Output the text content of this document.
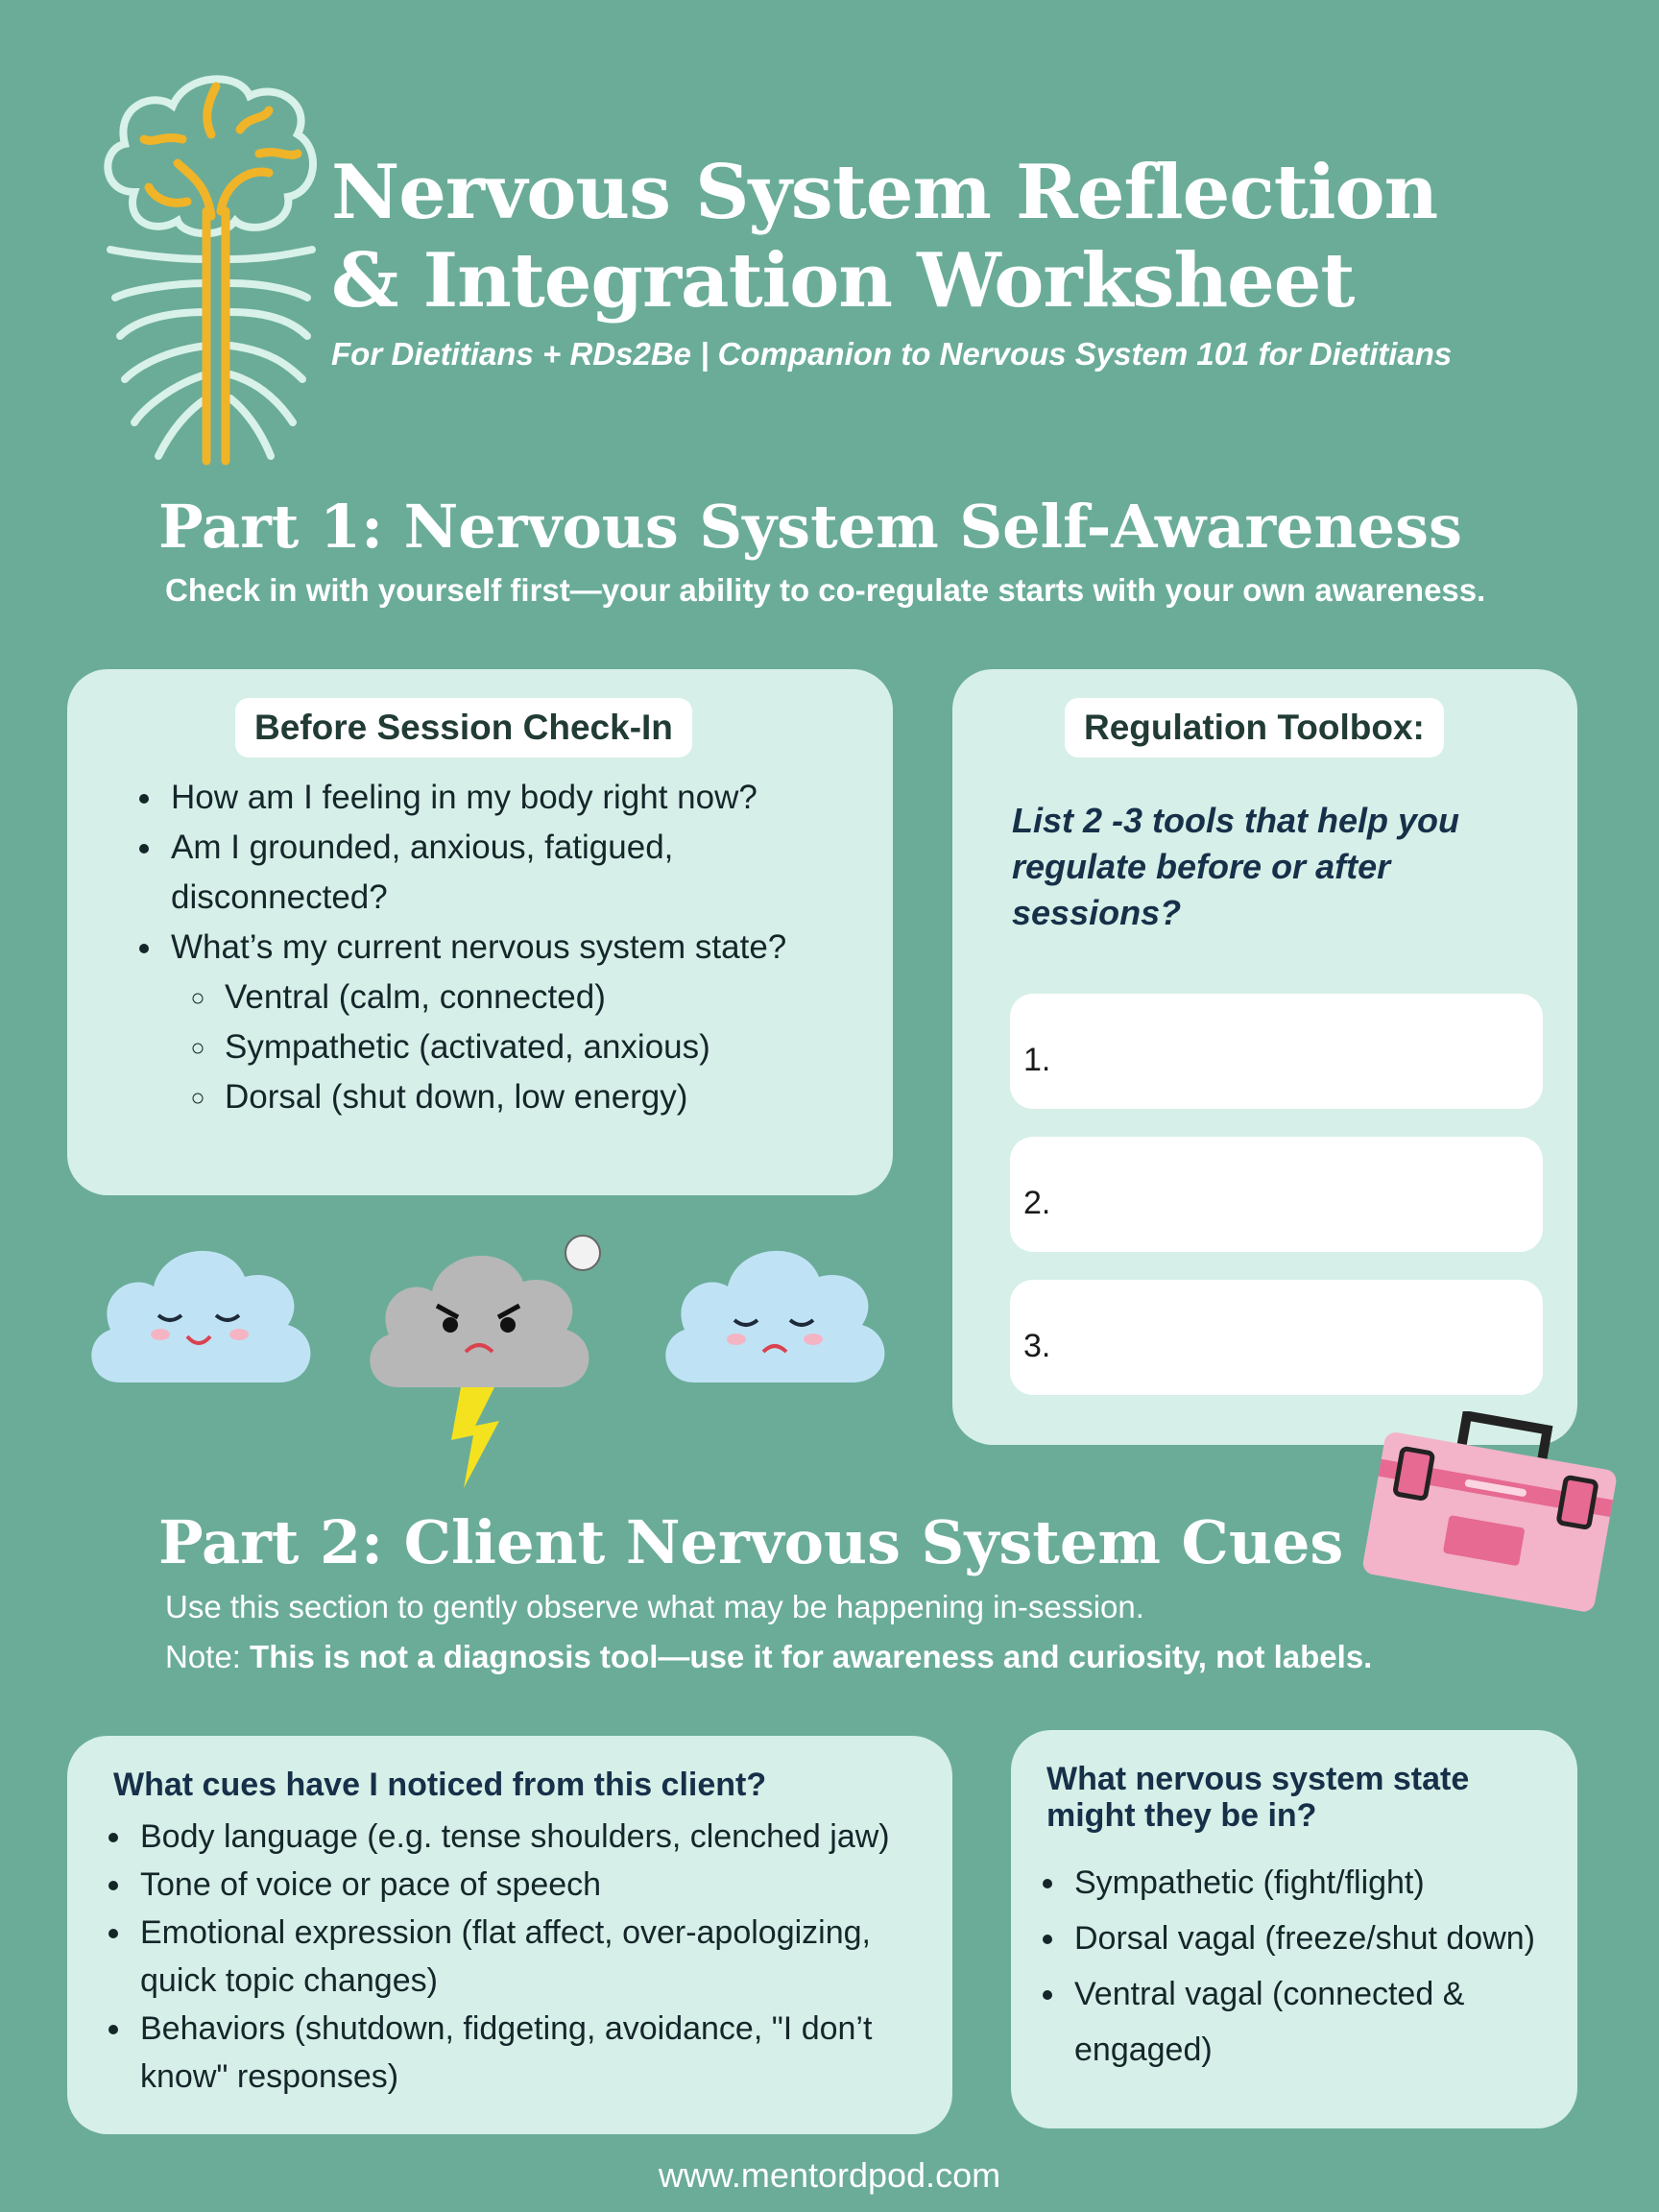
Nervous System Reflection
& Integration Worksheet
For Dietitians + RDs2Be | Companion to Nervous System 101 for Dietitians
Part 1: Nervous System Self-Awareness
Check in with yourself first—your ability to co-regulate starts with your own awareness.
Before Session Check-In
• How am I feeling in my body right now?
• Am I grounded, anxious, fatigued, disconnected?
• What’s my current nervous system state?
◦ Ventral (calm, connected)
◦ Sympathetic (activated, anxious)
◦ Dorsal (shut down, low energy)
Regulation Toolbox:
List 2 -3 tools that help you regulate before or after sessions?
1.
2.
3.
Part 2: Client Nervous System Cues
Use this section to gently observe what may be happening in-session.
Note: This is not a diagnosis tool—use it for awareness and curiosity, not labels.
What cues have I noticed from this client?
• Body language (e.g. tense shoulders, clenched jaw)
• Tone of voice or pace of speech
• Emotional expression (flat affect, over-apologizing, quick topic changes)
• Behaviors (shutdown, fidgeting, avoidance, "I don’t know" responses)
What nervous system state might they be in?
• Sympathetic (fight/flight)
• Dorsal vagal (freeze/shut down)
• Ventral vagal (connected & engaged)
www.mentordpod.com
